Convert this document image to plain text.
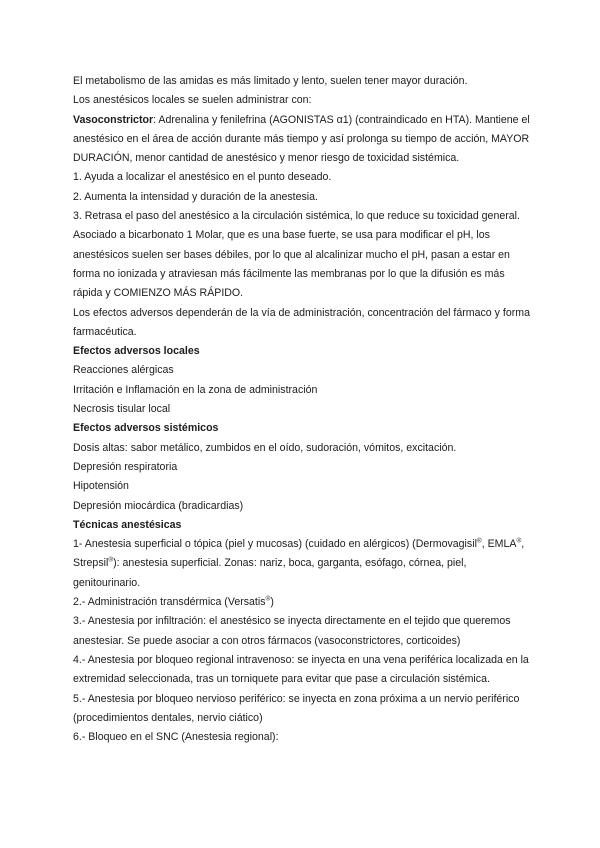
El metabolismo de las amidas es más limitado y lento, suelen tener mayor duración.

Los anestésicos locales se suelen administrar con:

Vasoconstrictor: Adrenalina y fenilefrina (AGONISTAS α1) (contraindicado en HTA). Mantiene el anestésico en el área de acción durante más tiempo y así prolonga su tiempo de acción, MAYOR DURACIÓN, menor cantidad de anestésico y menor riesgo de toxicidad sistémica.

1. Ayuda a localizar el anestésico en el punto deseado.

2. Aumenta la intensidad y duración de la anestesia.

3. Retrasa el paso del anestésico a la circulación sistémica, lo que reduce su toxicidad general.

Asociado a bicarbonato 1 Molar, que es una base fuerte, se usa para modificar el pH, los anestésicos suelen ser bases débiles, por lo que al alcalinizar mucho el pH, pasan a estar en forma no ionizada y atraviesan más fácilmente las membranas por lo que la difusión es más rápida y COMIENZO MÁS RÁPIDO.

Los efectos adversos dependerán de la vía de administración, concentración del fármaco y forma farmacéutica.

Efectos adversos locales

Reacciones alérgicas

Irritación e Inflamación en la zona de administración

Necrosis tisular local

Efectos adversos sistémicos

Dosis altas: sabor metálico, zumbidos en el oído, sudoración, vómitos, excitación.

Depresión respiratoria

Hipotensión

Depresión miocárdica (bradicardias)

Técnicas anestésicas

1- Anestesia superficial o tópica (piel y mucosas) (cuidado en alérgicos) (Dermovagisil®, EMLA®, Strepsil®): anestesia superficial. Zonas: nariz, boca, garganta, esófago, córnea, piel, genitourinario.

2.- Administración transdérmica (Versatis®)

3.- Anestesia por infiltración: el anestésico se inyecta directamente en el tejido que queremos anestesiar. Se puede asociar a con otros fármacos (vasoconstrictores, corticoides)

4.- Anestesia por bloqueo regional intravenoso: se inyecta en una vena periférica localizada en la extremidad seleccionada, tras un torniquete para evitar que pase a circulación sistémica.

5.- Anestesia por bloqueo nervioso periférico: se inyecta en zona próxima a un nervio periférico (procedimientos dentales, nervio ciático)

6.- Bloqueo en el SNC (Anestesia regional):
